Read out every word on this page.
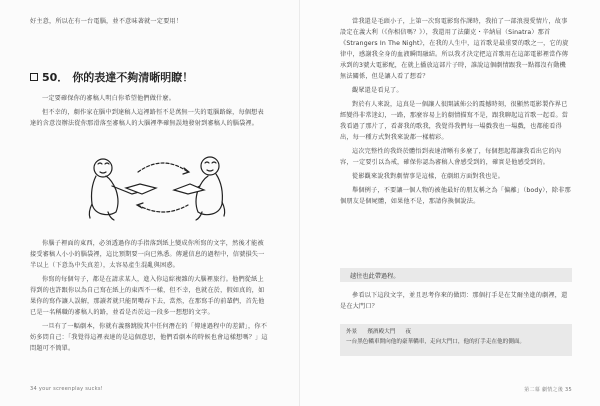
好主意，所以在有一台電腦，並不意味著就一定要用！

50． 你的表達不夠清晰明瞭！

一定要確保你的審稿人明白你希望他們做什麼。

但不幸的，劇作家在腦中到達稿人這裡路徑不是萬無一失的電腦路線，每個想表達的含意沒辦法從你那滑落至審稿人的大腦裡準確無誤地發射到審稿人的腦袋裡。

你腦子裡面的東西，必須透過你的手指落到紙上變成你所寫的文字，然後才能被接受審稿人小小的腦袋裡，這比預期要一向已熟悉。傳遞信息的過程中，信號損失一半以上（下意為中失真差），太容易產生混亂與困惑。

你寫的每個句子，都是在請求某人，進入你這綜複雜的大腦裡旅行。他們從紙上得到的也許跟你以為自己寫在紙上的東西不一樣，但不幸，也就在於，假如真的，如果你的寫作讓人誤解，那讀者就只能閉嘴吞下去，當然，在那寫手的前輩們，首先他已是一名稱職的審稿人的路，並看是否於這一段多一想想的文字。

一旦有了一幅劇本，你就有義務跳脫其中任何潛在的「傳達過程中的差錯」，你不妨多問自己：「我覺得這裡表達的是這個意思，他們看劇本的時候也會這樣想嗎？」這問題可不簡單。

34 your screenplay sucks!

當我還是毛頭小子，上第一次寫電影寫作課時，我拍了一部浪漫愛情片，故事設定在義大利（《你相信嗎？》），我還用了法蘭克・辛納屈（Sinatra）那首《Strangers In The Night》，在我的人生中，這首歌是最重要的歌之一，它的旋律中，感謝我全身的血液瞬間融結。所以我才決定把這首歌用在這部電影裡當作傳承到的3號大電影配，在就上播放這部片子時，誰說這個劇情跟我一點都沒有動機無法關係，但是讓人看了想看？

觀眾還是看見了。

對於有人來說，這真是一個讓人很開誠佈公的震撼時刻，很顯然電影製作界已經變得非常迷幻，一路，那麼容易上的劇情描寫不是，跟我聊起這首歌一起看。當我看過了那片了，看著我的歌我，我覺得我們每一場戲我也一場戲，也都能看得出，每一種方式對我來說都一樣精彩。

這次完整性的我終於體悟到表達清晰有多麼了，每個想起都讓我看出它的內容，一定要引以為戒，確保你認為審稿人會感受到的，確實是他感受到的。

從影觀來說我對劇情事是這樣，在劇組方面對我也是。

舉個例子，不要讓一個人物的被他最好的朋友稱之為「偏離」（body），除非那個朋友是個屍體，如果他不是，那請你換個說法。

越往也此帶過程。

參看以下這段文字，並且思考你來的做問：那個打手是在艾爾坐進的劇裡，還是在大門口？

外景 殯酒殿大門 夜
一台黑色轎車開向他的豪華轎車，走向大門口，他的打手走在他的側面。
第二幕 劇情之後 35
